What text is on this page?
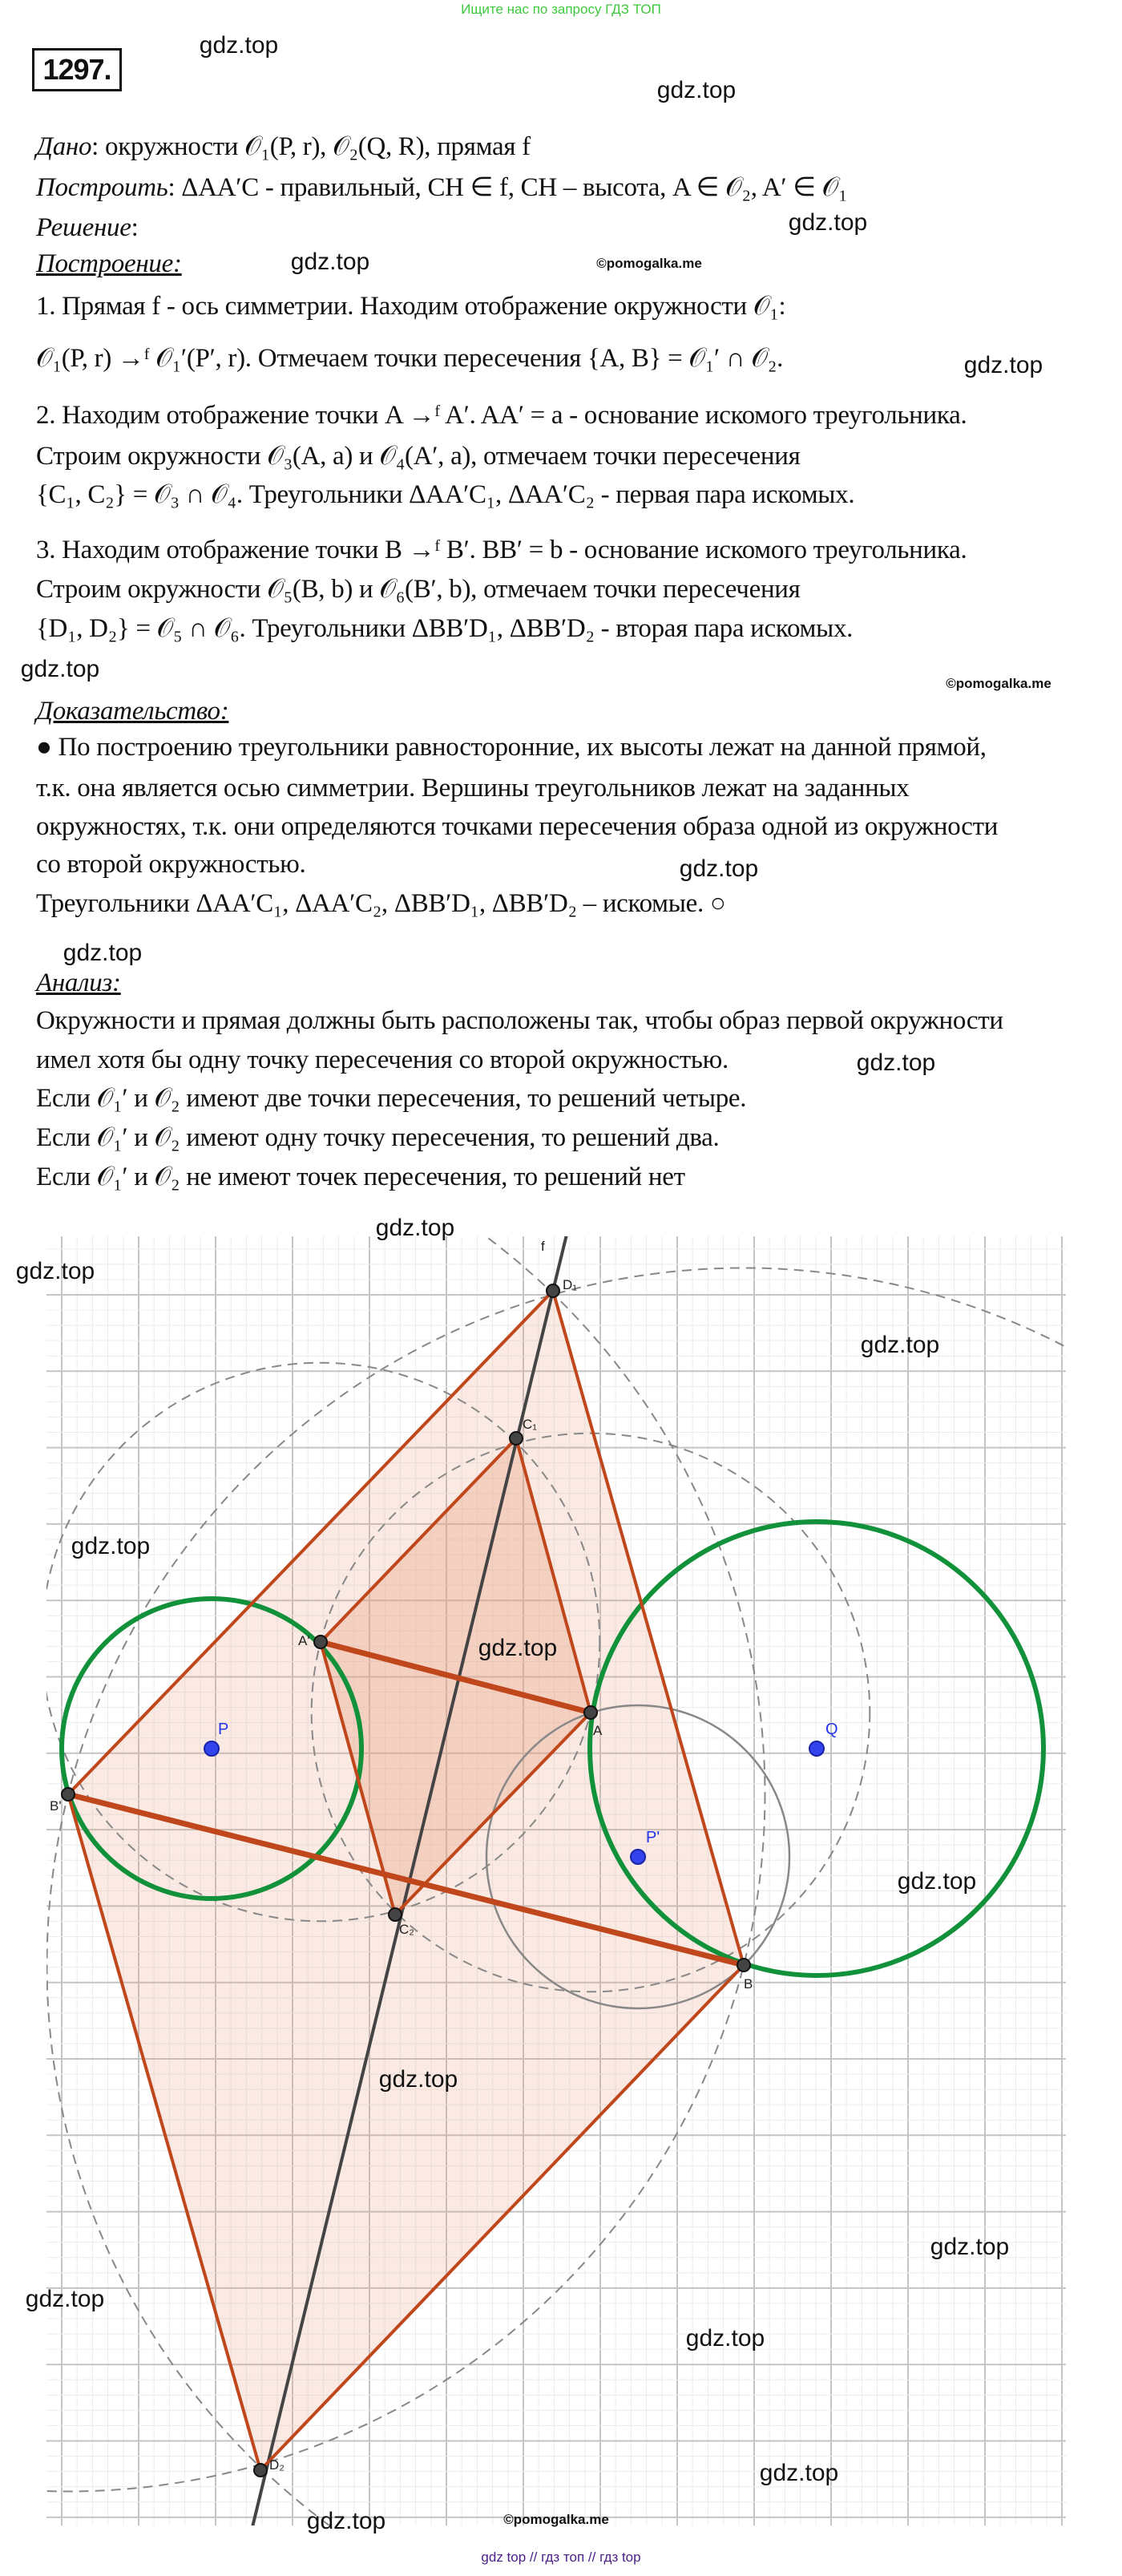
f
D₁
C₁
A'
A
B'
C₂
B
D₂
P	Q
P'
Ищите нас по запросу ГДЗ ТОП
1297.
Дано: окружности 𝒪₁(P, r), 𝒪₂(Q, R), прямая f
Построить: ΔAA′C - правильный, CH ∈ f, CH – высота, A ∈ 𝒪₂, A′ ∈ 𝒪₁
Решение:
Построение:
1. Прямая f - ось симметрии. Находим отображение окружности 𝒪₁:
𝒪₁(P, r) →ᶠ 𝒪₁′(P′, r). Отмечаем точки пересечения {A, B} = 𝒪₁′ ∩ 𝒪₂.
2. Находим отображение точки A →ᶠ A′. AA′ = a - основание искомого треугольника.
Строим окружности 𝒪₃(A, a) и 𝒪₄(A′, a), отмечаем точки пересечения
{C₁, C₂} = 𝒪₃ ∩ 𝒪₄. Треугольники ΔAA′C₁, ΔAA′C₂ - первая пара искомых.
3. Находим отображение точки B →ᶠ B′. BB′ = b - основание искомого треугольника.
Строим окружности 𝒪₅(B, b) и 𝒪₆(B′, b), отмечаем точки пересечения
{D₁, D₂} = 𝒪₅ ∩ 𝒪₆. Треугольники ΔBB′D₁, ΔBB′D₂ - вторая пара искомых.
Доказательство:
● По построению треугольники равносторонние, их высоты лежат на данной прямой,
т.к. она является осью симметрии. Вершины треугольников лежат на заданных
окружностях, т.к. они определяются точками пересечения образа одной из окружности
со второй окружностью.
Треугольники ΔAA′C₁, ΔAA′C₂, ΔBB′D₁, ΔBB′D₂ – искомые. ○
Анализ:
Окружности и прямая должны быть расположены так, чтобы образ первой окружности
имел хотя бы одну точку пересечения со второй окружностью.
Если 𝒪₁′ и 𝒪₂ имеют две точки пересечения, то решений четыре.
Если 𝒪₁′ и 𝒪₂ имеют одну точку пересечения, то решений два.
Если 𝒪₁′ и 𝒪₂ не имеют точек пересечения, то решений нет
gdz.top
gdz.top
gdz.top
gdz.top
gdz.top
gdz.top
gdz.top
gdz.top
gdz.top
gdz.top
gdz.top
gdz.top
gdz.top
gdz.top
gdz.top
gdz.top
gdz.top
gdz.top
gdz.top
gdz.top
gdz.top
©pomogalka.me
©pomogalka.me
©pomogalka.me
gdz top // гдз топ // гдз top
